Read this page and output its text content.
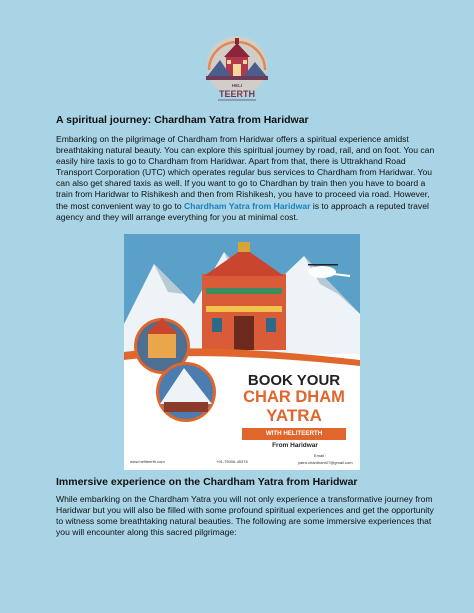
HELI
TEERTH
A spiritual journey: Chardham Yatra from Haridwar

Embarking on the pilgrimage of Chardham from Haridwar offers a spiritual experience amidst breathtaking natural beauty. You can explore this spiritual journey by road, rail, and on foot. You can easily hire taxis to go to Chardham from Haridwar. Apart from that, there is Uttrakhand Road Transport Corporation (UTC) which operates regular bus services to Chardham from Haridwar. You can also get shared taxis as well. If you want to go to Chardhan by train then you have to board a train from Haridwar to Rishikesh and then from Rishikesh, you have to proceed via road. However, the most convenient way to go to Chardham Yatra from Haridwar is to approach a reputed travel agency and they will arrange everything for you at minimal cost.

BOOK YOUR
CHAR DHAM
YATRA
WITH HELITEERTH
From Haridwar
www.heliteerth.com	+91-75006-45376
Email :
yatra.chardham07@gmail.com
Immersive experience on the Chardham Yatra from Haridwar

While embarking on the Chardham Yatra you will not only experience a transformative journey from Haridwar but you will also be filled with some profound spiritual experiences and get the opportunity to witness some breathtaking natural beauties. The following are some immersive experiences that you will encounter along this sacred pilgrimage:
